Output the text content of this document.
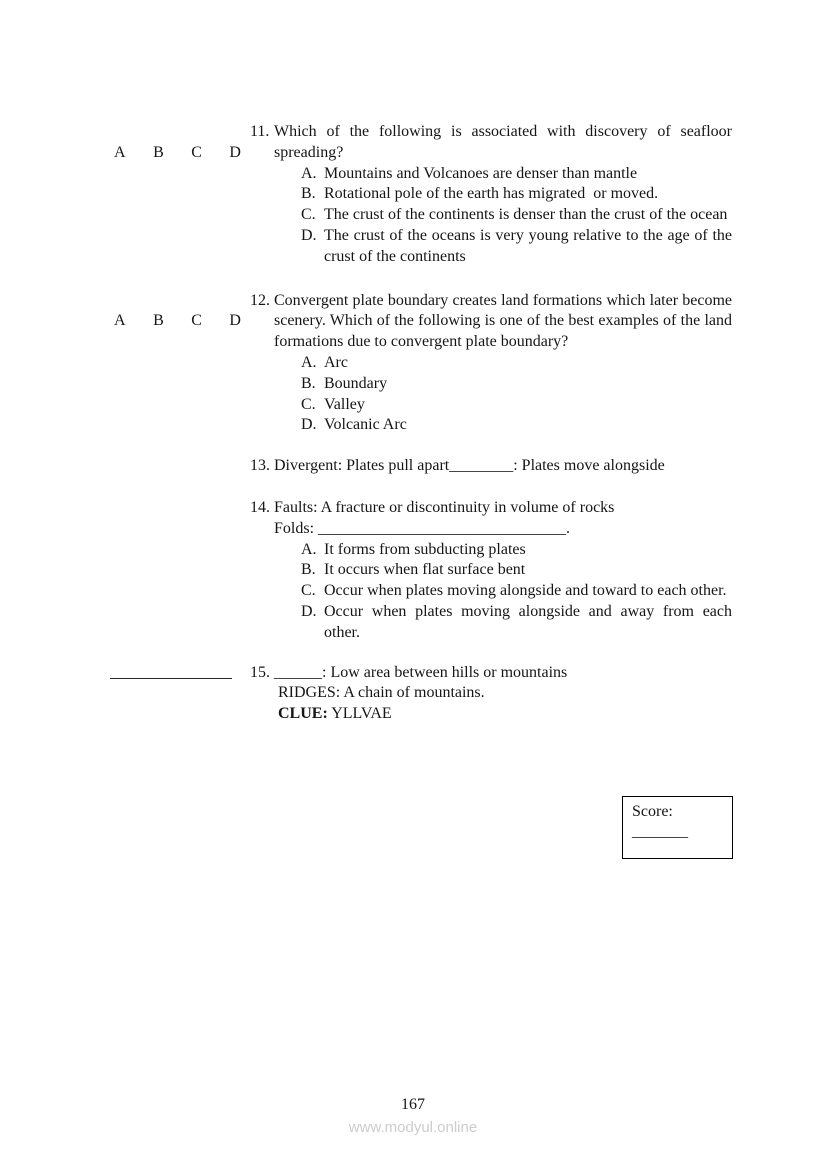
A B C D
11. Which of the following is associated with discovery of seafloor spreading?
A. Mountains and Volcanoes are denser than mantle
B. Rotational pole of the earth has migrated  or moved.
C. The crust of the continents is denser than the crust of the ocean
D. The crust of the oceans is very young relative to the age of the crust of the continents
A B C D
12. Convergent plate boundary creates land formations which later become scenery. Which of the following is one of the best examples of the land formations due to convergent plate boundary?
A. Arc
B. Boundary
C. Valley
D. Volcanic Arc
13. Divergent: Plates pull apart________: Plates move alongside
14. Faults: A fracture or discontinuity in volume of rocks
Folds: _______________________________.
A. It forms from subducting plates
B. It occurs when flat surface bent
C. Occur when plates moving alongside and toward to each other.
D. Occur when plates moving alongside and away from each other.
15. ______: Low area between hills or mountains
RIDGES: A chain of mountains.
CLUE: YLLVAE
Score:
_______
167
www.modyul.online
